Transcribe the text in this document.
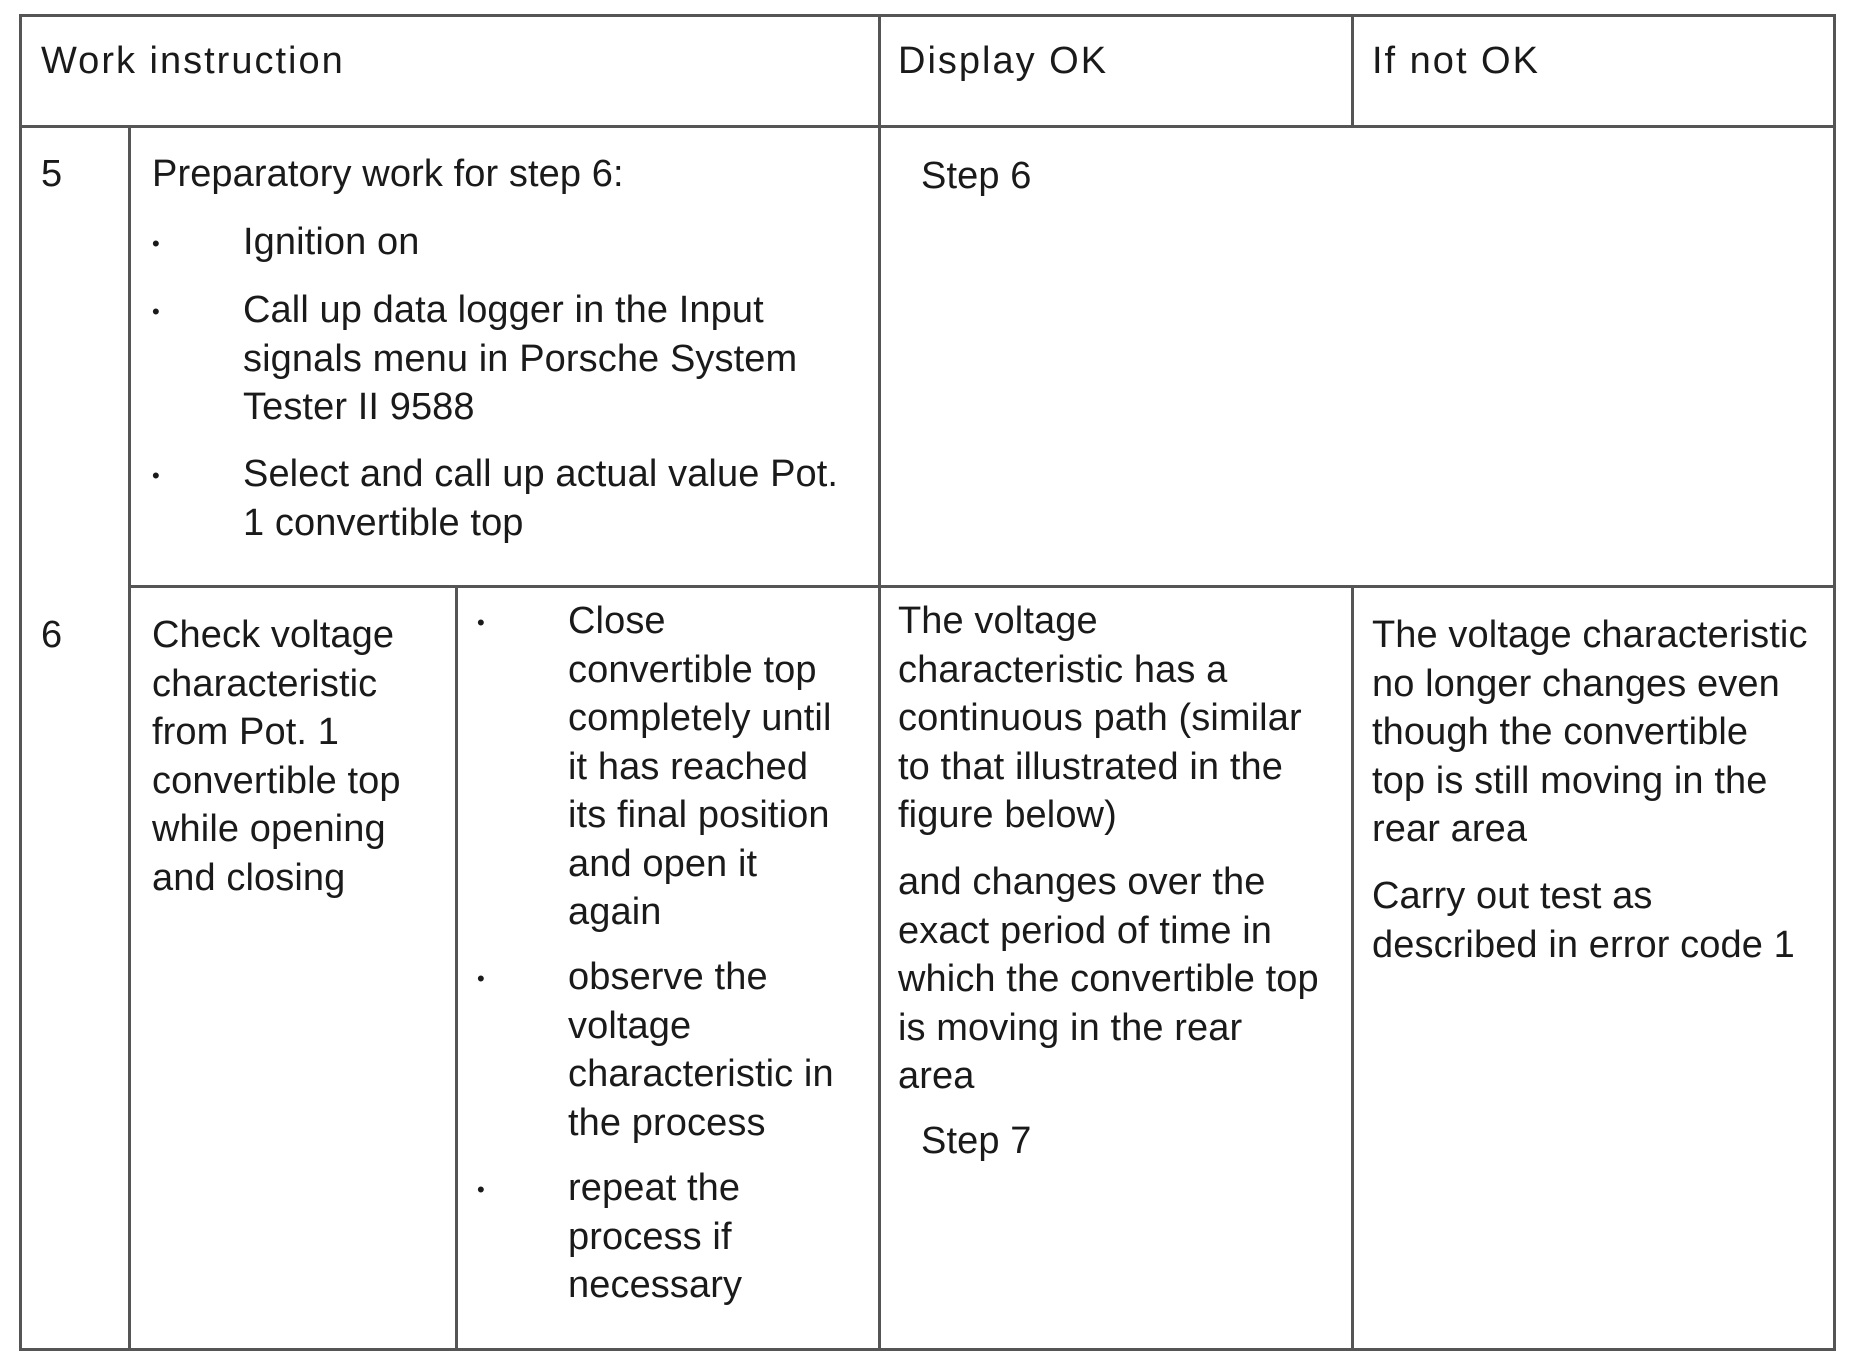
Work instruction	Display OK	If not OK
5 Preparatory work for step 6:
• Ignition on
• Call up data logger in the Input
signals menu in Porsche System
Tester II 9588
• Select and call up actual value Pot.
1 convertible top
Step 6
6 Check voltage
characteristic
from Pot. 1
convertible top
while opening
and closing
• Close
convertible top
completely until
it has reached
its final position
and open it
again
• observe the
voltage
characteristic in
the process
• repeat the
process if
necessary
The voltage
characteristic has a
continuous path (similar
to that illustrated in the
figure below)
and changes over the
exact period of time in
which the convertible top
is moving in the rear
area
Step 7
The voltage characteristic
no longer changes even
though the convertible
top is still moving in the
rear area
Carry out test as
described in error code 1
